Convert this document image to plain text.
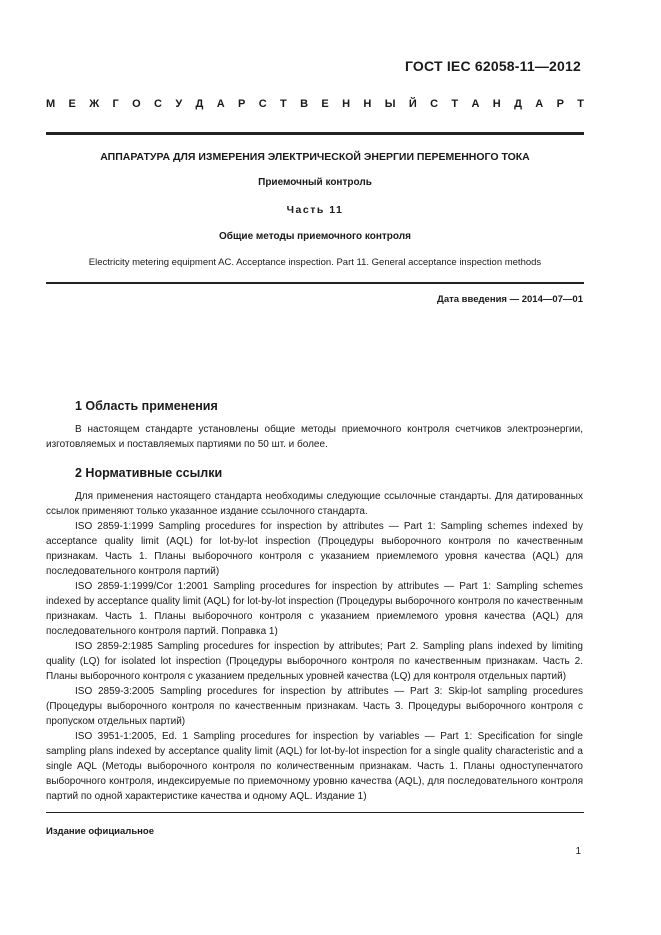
ГОСТ IEC 62058-11—2012
М Е Ж Г О С У Д А Р С Т В Е Н Н Ы Й С Т А Н Д А Р Т
АППАРАТУРА ДЛЯ ИЗМЕРЕНИЯ ЭЛЕКТРИЧЕСКОЙ ЭНЕРГИИ ПЕРЕМЕННОГО ТОКА
Приемочный контроль
Часть 11
Общие методы приемочного контроля
Electricity metering equipment AC. Acceptance inspection. Part 11. General acceptance inspection methods
Дата введения — 2014—07—01
1 Область применения

В настоящем стандарте установлены общие методы приемочного контроля счетчиков электроэнергии, изготовляемых и поставляемых партиями по 50 шт. и более.

2 Нормативные ссылки

Для применения настоящего стандарта необходимы следующие ссылочные стандарты. Для датированных ссылок применяют только указанное издание ссылочного стандарта.

ISO 2859-1:1999 Sampling procedures for inspection by attributes — Part 1: Sampling schemes indexed by acceptance quality limit (AQL) for lot-by-lot inspection (Процедуры выборочного контроля по качественным признакам. Часть 1. Планы выборочного контроля с указанием приемлемого уровня качества (AQL) для последовательного контроля партий)

ISO 2859-1:1999/Cor 1:2001 Sampling procedures for inspection by attributes — Part 1: Sampling schemes indexed by acceptance quality limit (AQL) for lot-by-lot inspection (Процедуры выборочного контроля по качественным признакам. Часть 1. Планы выборочного контроля с указанием приемлемого уровня качества (AQL) для последовательного контроля партий. Поправка 1)

ISO 2859-2:1985 Sampling procedures for inspection by attributes; Part 2. Sampling plans indexed by limiting quality (LQ) for isolated lot inspection (Процедуры выборочного контроля по качественным признакам. Часть 2. Планы выборочного контроля с указанием предельных уровней качества (LQ) для контроля отдельных партий)

ISO 2859-3:2005 Sampling procedures for inspection by attributes — Part 3: Skip-lot sampling procedures (Процедуры выборочного контроля по качественным признакам. Часть 3. Процедуры выборочного контроля с пропуском отдельных партий)

ISO 3951-1:2005, Ed. 1 Sampling procedures for inspection by variables — Part 1: Specification for single sampling plans indexed by acceptance quality limit (AQL) for lot-by-lot inspection for a single quality characteristic and a single AQL (Методы выборочного контроля по количественным признакам. Часть 1. Планы одноступенчатого выборочного контроля, индексируемые по приемочному уровню качества (AQL), для последовательного контроля партий по одной характеристике качества и одному AQL. Издание 1)

Издание официальное
1
